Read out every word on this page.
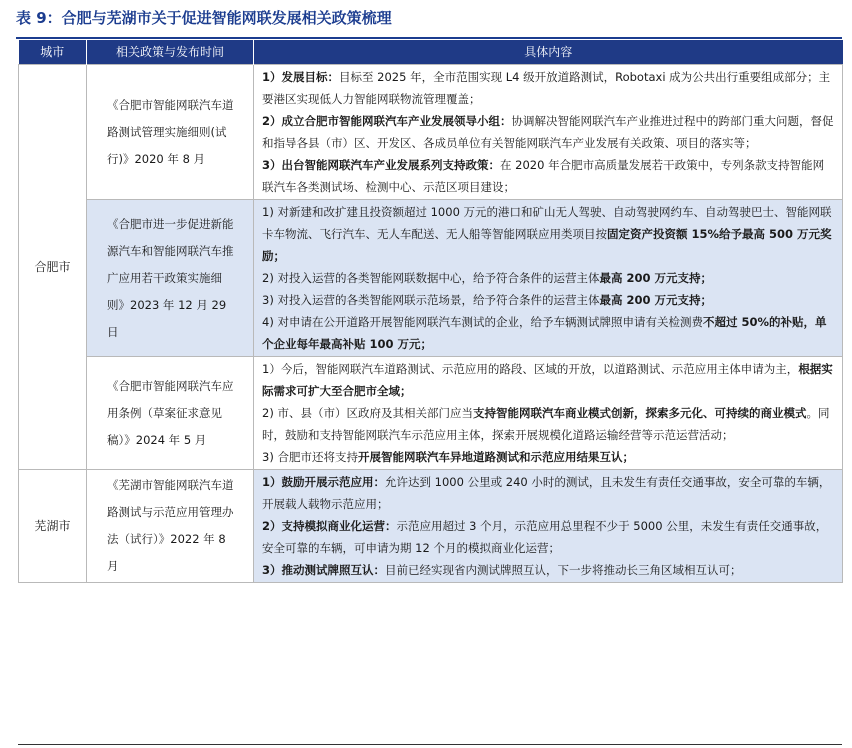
表 9：合肥与芜湖市关于促进智能网联发展相关政策梳理
城市	相关政策与发布时间	具体内容
合肥市	《合肥市智能网联汽车道路测试管理实施细则(试行)》2020 年 8 月	1）发展目标：目标至 2025 年，全市范围实现 L4 级开放道路测试，Robotaxi 成为公共出行重要组成部分；主要港区实现低人力智能网联物流管理覆盖；

2）成立合肥市智能网联汽车产业发展领导小组：协调解决智能网联汽车产业推进过程中的跨部门重大问题，督促和指导各县（市）区、开发区、各成员单位有关智能网联汽车产业发展有关政策、项目的落实等；

3）出台智能网联汽车产业发展系列支持政策：在 2020 年合肥市高质量发展若干政策中，专列条款支持智能网联汽车各类测试场、检测中心、示范区项目建设；

	《合肥市进一步促进新能源汽车和智能网联汽车推广应用若干政策实施细则》2023 年 12 月 29 日	1) 对新建和改扩建且投资额超过 1000 万元的港口和矿山无人驾驶、自动驾驶网约车、自动驾驶巴士、智能网联卡车物流、飞行汽车、无人车配送、无人船等智能网联应用类项目按固定资产投资额 15%给予最高 500 万元奖励；

2) 对投入运营的各类智能网联数据中心，给予符合条件的运营主体最高 200 万元支持；

3) 对投入运营的各类智能网联示范场景，给予符合条件的运营主体最高 200 万元支持；

4) 对申请在公开道路开展智能网联汽车测试的企业，给予车辆测试牌照申请有关检测费不超过 50%的补贴，单个企业每年最高补贴 100 万元；

	《合肥市智能网联汽车应用条例（草案征求意见稿）》2024 年 5 月	1）今后，智能网联汽车道路测试、示范应用的路段、区域的开放，以道路测试、示范应用主体申请为主，根据实际需求可扩大至合肥市全域；

2) 市、县（市）区政府及其相关部门应当支持智能网联汽车商业模式创新，探索多元化、可持续的商业模式。同时，鼓励和支持智能网联汽车示范应用主体，探索开展规模化道路运输经营等示范运营活动；

3) 合肥市还将支持开展智能网联汽车异地道路测试和示范应用结果互认；

芜湖市	《芜湖市智能网联汽车道路测试与示范应用管理办法（试行）》2022 年 8 月	1）鼓励开展示范应用：允许达到 1000 公里或 240 小时的测试，且未发生有责任交通事故，安全可靠的车辆，开展载人载物示范应用；

2）支持模拟商业化运营：示范应用超过 3 个月，示范应用总里程不少于 5000 公里，未发生有责任交通事故，安全可靠的车辆，可申请为期 12 个月的模拟商业化运营；

3）推动测试牌照互认：目前已经实现省内测试牌照互认，下一步将推动长三角区域相互认可；
